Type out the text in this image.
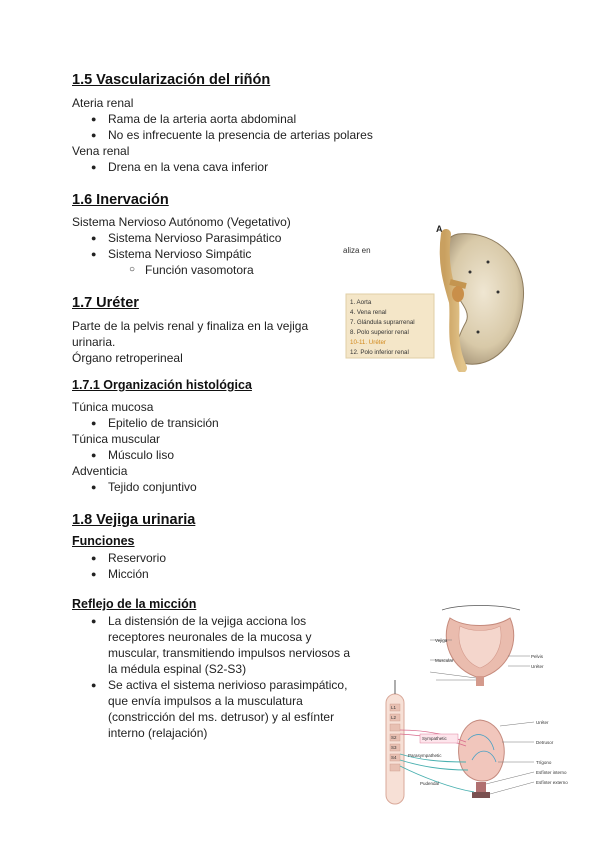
1.5 Vascularización del riñón
Ateria renal
● Rama de la arteria aorta abdominal
● No es infrecuente la presencia de arterias polares
Vena renal
● Drena en la vena cava inferior
1.6 Inervación
Sistema Nervioso Autónomo (Vegetativo)
● Sistema Nervioso Parasimpático
● Sistema Nervioso Simpátic
○ Función vasomotora
1.7 Uréter
Parte de la pelvis renal y finaliza en la vejiga
urinaria.
Órgano retroperineal
1.7.1 Organización histológica
Túnica mucosa
● Epitelio de transición
Túnica muscular
● Músculo liso
Adventicia
● Tejido conjuntivo
1.8 Vejiga urinaria
Funciones
● Reservorio
● Micción
Reflejo de la micción
● La distensión de la vejiga acciona los
receptores neuronales de la mucosa y
muscular, transmitiendo impulsos nerviosos a
la médula espinal (S2-S3)
● Se activa el sistema nerivioso parasimpático,
que envía impulsos a la musculatura
(constricción del ms. detrusor) y al esfínter
interno (relajación)
aliza en
A
1. Aorta
4. Vena renal
7. Glándula suprarrenal
8. Polo superior renal
10-11. Uréter
12. Polo inferior renal
L1
L2
S2
S3
S4
Vejiga
Muscular
Pelvis
Uréter
Sympathetic
Parasympathetic
Pudendal
Uréter
Detrusor
Trígono
Esfínter interno
Esfínter externo
